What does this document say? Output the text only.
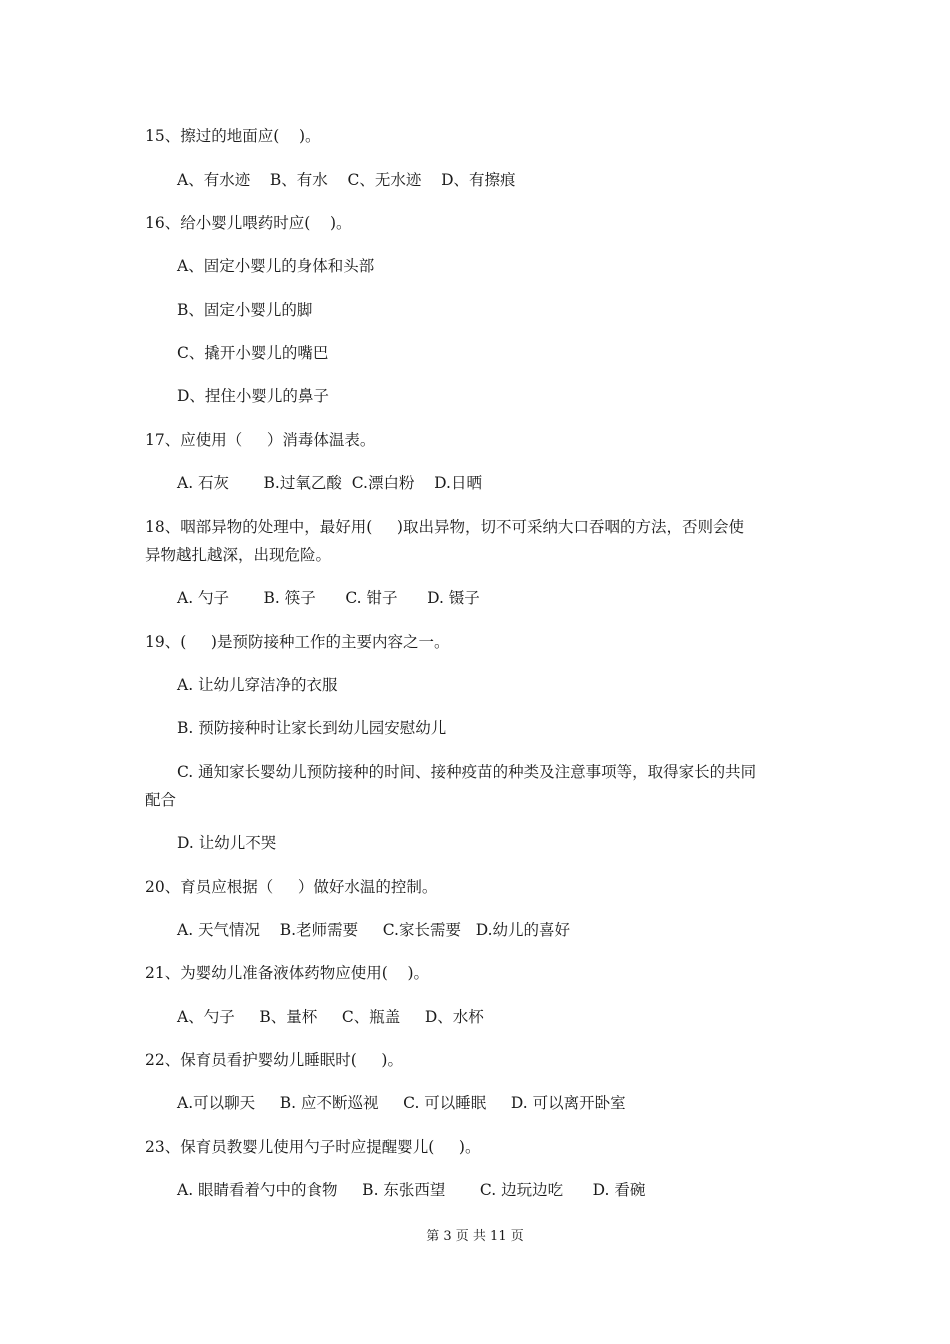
15、擦过的地面应(    )。
A、有水迹    B、有水    C、无水迹    D、有擦痕
16、给小婴儿喂药时应(    )。
A、固定小婴儿的身体和头部
B、固定小婴儿的脚
C、撬开小婴儿的嘴巴
D、捏住小婴儿的鼻子
17、应使用（     ）消毒体温表。
A. 石灰       B.过氧乙酸  C.漂白粉    D.日晒
18、咽部异物的处理中，最好用(     )取出异物，切不可采纳大口吞咽的方法，否则会使
异物越扎越深，出现危险。
A. 勺子       B. 筷子      C. 钳子      D. 镊子
19、(     )是预防接种工作的主要内容之一。
A. 让幼儿穿洁净的衣服
B. 预防接种时让家长到幼儿园安慰幼儿
C. 通知家长婴幼儿预防接种的时间、接种疫苗的种类及注意事项等，取得家长的共同
配合
D. 让幼儿不哭
20、育员应根据（     ）做好水温的控制。
A. 天气情况    B.老师需要     C.家长需要   D.幼儿的喜好
21、为婴幼儿准备液体药物应使用(    )。
A、勺子     B、量杯     C、瓶盖     D、水杯
22、保育员看护婴幼儿睡眠时(     )。
A.可以聊天     B. 应不断巡视     C. 可以睡眠     D. 可以离开卧室
23、保育员教婴儿使用勺子时应提醒婴儿(     )。
A. 眼睛看着勺中的食物     B. 东张西望       C. 边玩边吃      D. 看碗
第 3 页 共 11 页
